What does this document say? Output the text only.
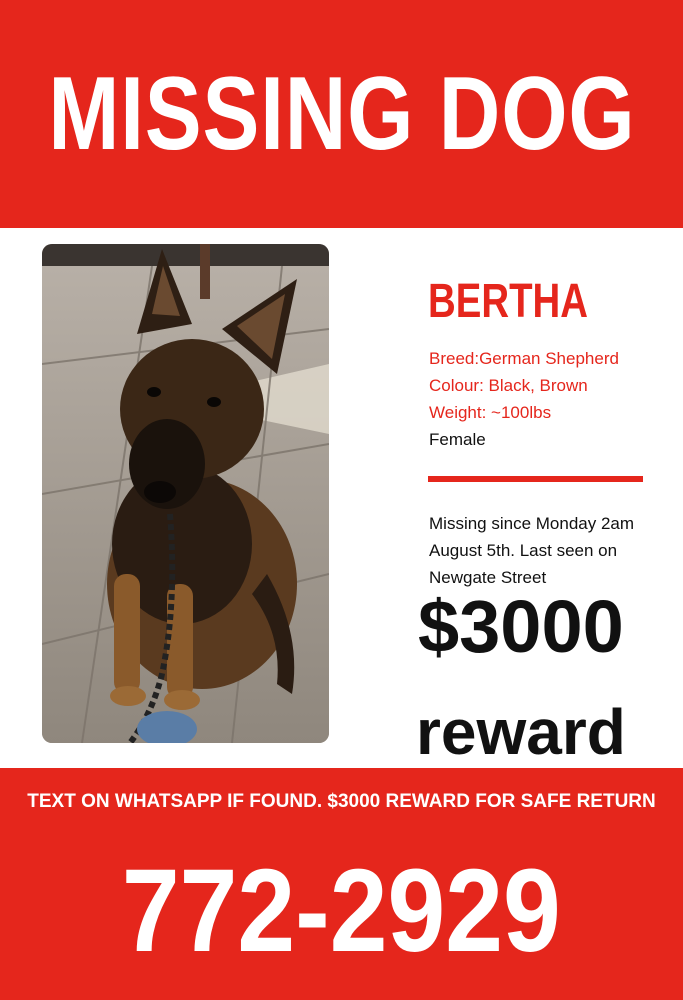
MISSING DOG
BERTHA
Breed:German Shepherd
Colour: Black, Brown
Weight: ~100lbs
Female
Missing since Monday 2am August 5th. Last seen on Newgate Street
$3000
reward
TEXT ON WHATSAPP IF FOUND. $3000 REWARD FOR SAFE RETURN
772-2929
